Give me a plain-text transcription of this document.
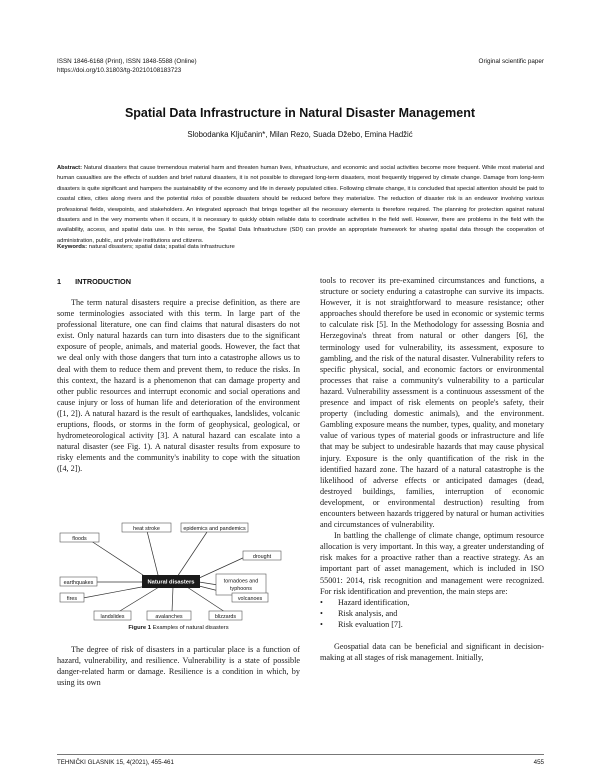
ISSN 1846-6168 (Print), ISSN 1848-5588 (Online)
https://doi.org/10.31803/tg-20210108183723
Original scientific paper
Spatial Data Infrastructure in Natural Disaster Management
Slobodanka Ključanin*, Milan Rezo, Suada Džebo, Emina Hadžić
Abstract: Natural disasters that cause tremendous material harm and threaten human lives, infrastructure, and economic and social activities become more frequent. While most material and human casualties are the effects of sudden and brief natural disasters, it is not possible to disregard long-term disasters, most frequently triggered by climate change. Damage from long-term disasters is quite significant and hampers the sustainability of the economy and life in densely populated cities. Following climate change, it is concluded that special attention should be paid to coastal cities, cities along rivers and the potential risks of possible disasters should be reduced before they materialize. The reduction of disaster risk is an endeavor involving various professional fields, viewpoints, and stakeholders. An integrated approach that brings together all the necessary elements is therefore required. The planning for protection against natural disasters and in the very moments when it occurs, it is necessary to quickly obtain reliable data to coordinate activities in the field well. However, there are problems in the field with the availability, access, and spatial data use. In this sense, the Spatial Data Infrastructure (SDI) can provide an appropriate framework for sharing spatial data through the cooperation of administration, public, and private institutions and citizens.
Keywords: natural disasters; spatial data; spatial data infrastructure
1 INTRODUCTION

The term natural disasters require a precise definition, as there are some terminologies associated with this term. In large part of the professional literature, one can find claims that natural disasters do not exist. Only natural hazards can turn into disasters due to the significant exposure of people, animals, and material goods. However, the fact that we deal only with those dangers that turn into a catastrophe allows us to deal with them to reduce them and prevent them, to reduce the risks. In this context, the hazard is a phenomenon that can damage property and other public resources and interrupt economic and social operations and cause injury or loss of human life and deterioration of the environment ([1, 2]). A natural hazard is the result of earthquakes, landslides, volcanic eruptions, floods, or storms in the form of geophysical, geological, or hydrometeorological activity [3]. A natural hazard can escalate into a natural disaster (see Fig. 1). A natural disaster results from exposure to risky elements and the community's inability to cope with the situation ([4, 2]).

Natural disasters
heat stroke	epidemics and pandemics
floods
drought
earthquakes	tornadoes and
typhoons
fires	volcanoes
landslides	avalanches	blizzards
Figure 1 Examples of natural disasters

The degree of risk of disasters in a particular place is a function of hazard, vulnerability, and resilience. Vulnerability is a state of possible danger-related harm or damage. Resilience is a condition in which, by using its own

tools to recover its pre-examined circumstances and functions, a structure or society enduring a catastrophe can survive its impacts. However, it is not straightforward to measure resistance; other approaches should therefore be used in economic or systemic terms to calculate risk [5]. In the Methodology for assessing Bosnia and Herzegovina's threat from natural or other dangers [6], the terminology used for vulnerability, its assessment, exposure to gambling, and the risk of the natural disaster. Vulnerability refers to specific physical, social, and economic factors or environmental processes that raise a community's vulnerability to a particular hazard. Vulnerability assessment is a continuous assessment of the presence and impact of risk elements on people's safety, their property (including domestic animals), and the environment. Gambling exposure means the number, types, quality, and monetary value of various types of material goods or infrastructure and life that may be subject to undesirable hazards that may cause physical injury. Exposure is the only quantification of the risk in the identified hazard zone. The hazard of a natural catastrophe is the likelihood of adverse effects or anticipated damages (dead, destroyed buildings, families, interruption of economic development, or environmental destruction) resulting from encounters between hazards triggered by natural or human activities and circumstances of vulnerability.

In battling the challenge of climate change, optimum resource allocation is very important. In this way, a greater understanding of risk makes for a proactive rather than a reactive strategy. As an important part of asset management, which is included in ISO 55001: 2014, risk recognition and management were recognized. For risk identification and prevention, the main steps are:

• Hazard identification,
• Risk analysis, and
• Risk evaluation [7].

Geospatial data can be beneficial and significant in decision-making at all stages of risk management. Initially,

TEHNIČKI GLASNIK 15, 4(2021), 455-461	455
